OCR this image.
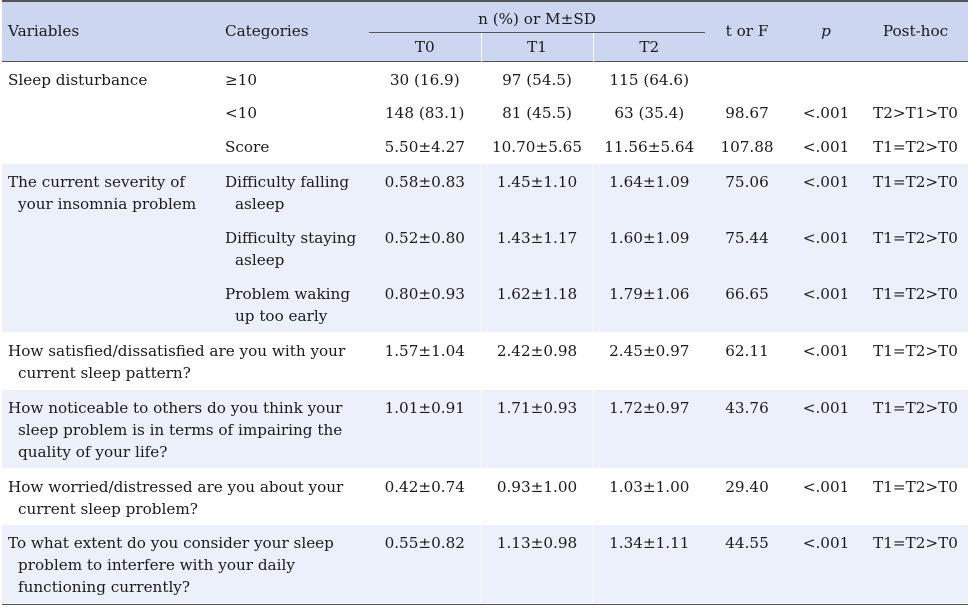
Variables	Categories	n (%) or M±SD			t or F	p	Post-hoc
		T0	T1	T2			

Sleep disturbance	≥10	30 (16.9)	97 (54.5)	115 (64.6)			
	<10	148 (83.1)	81 (45.5)	63 (35.4)	98.67	<.001	T2>T1>T0
	Score	5.50±4.27	10.70±5.65	11.56±5.64	107.88	<.001	T1=T2>T0

The current severity of your insomnia problem	Difficulty falling asleep	0.58±0.83	1.45±1.10	1.64±1.09	75.06	<.001	T1=T2>T0

	Difficulty staying asleep	0.52±0.80	1.43±1.17	1.60±1.09	75.44	<.001	T1=T2>T0

	Problem waking up too early	0.80±0.93	1.62±1.18	1.79±1.06	66.65	<.001	T1=T2>T0

How satisfied/dissatisfied are you with your current sleep pattern?		1.57±1.04	2.42±0.98	2.45±0.97	62.11	<.001	T1=T2>T0

How noticeable to others do you think your sleep problem is in terms of impairing the quality of your life?		1.01±0.91	1.71±0.93	1.72±0.97	43.76	<.001	T1=T2>T0

How worried/distressed are you about your current sleep problem?		0.42±0.74	0.93±1.00	1.03±1.00	29.40	<.001	T1=T2>T0

To what extent do you consider your sleep problem to interfere with your daily functioning currently?		0.55±0.82	1.13±0.98	1.34±1.11	44.55	<.001	T1=T2>T0
